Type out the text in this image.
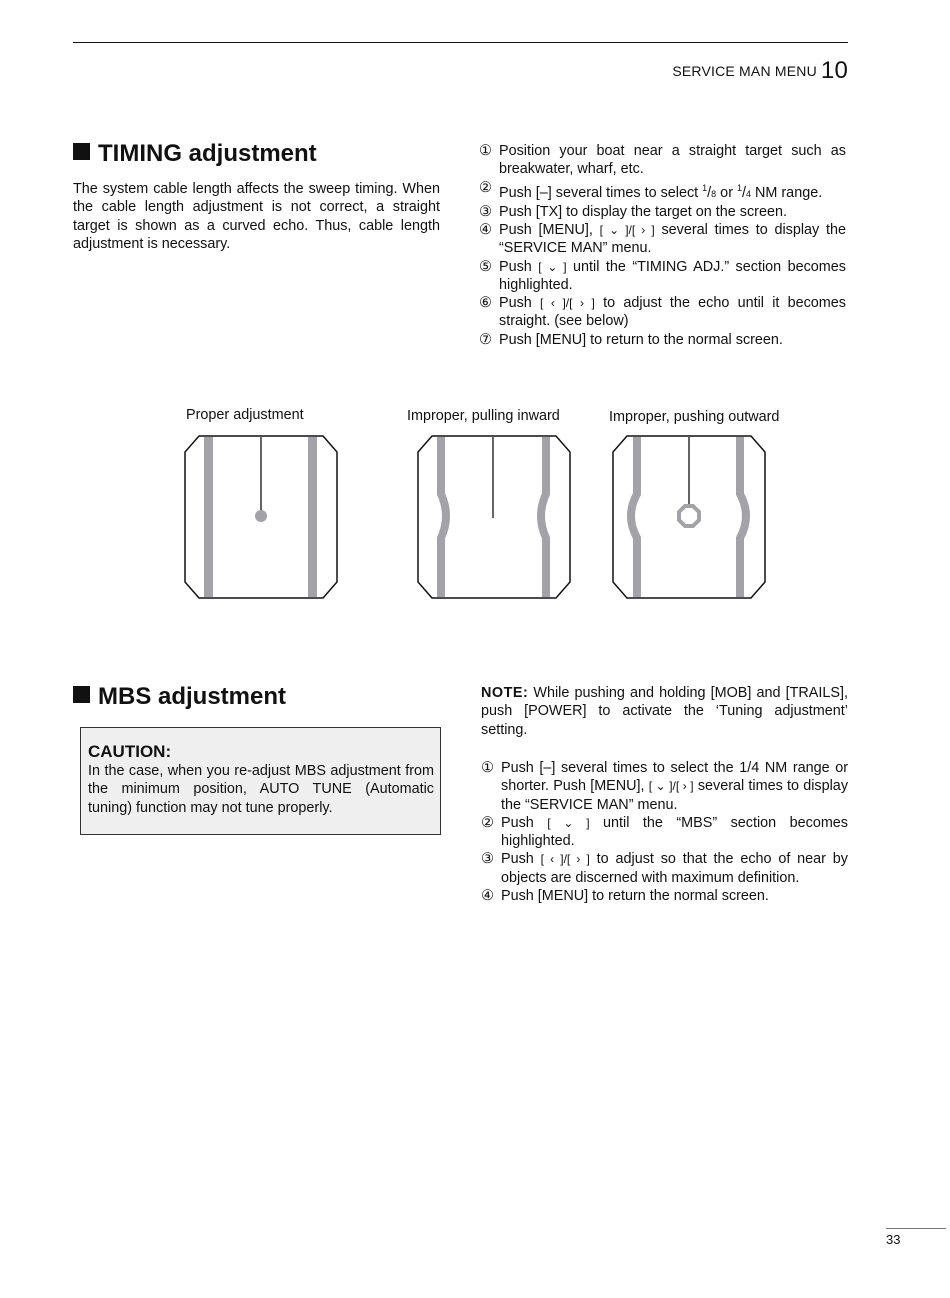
SERVICE MAN MENU 10
TIMING adjustment
The system cable length affects the sweep timing. When the cable length adjustment is not correct, a straight target is shown as a curved echo. Thus, cable length adjustment is necessary.
① Position your boat near a straight target such as breakwater, wharf, etc.
② Push [–] several times to select $^1$/8 or $^1$/4 NM range.
③ Push [TX] to display the target on the screen.
④ Push [MENU], [ ⌄ ]/[ › ] several times to display the “SERVICE MAN” menu.
⑤ Push [ ⌄ ] until the “TIMING ADJ.” section becomes highlighted.
⑥ Push [ ‹ ]/[ › ] to adjust the echo until it becomes straight. (see below)
⑦ Push [MENU] to return to the normal screen.
Proper adjustment	Improper, pulling inward	Improper, pushing outward
MBS adjustment
CAUTION:
In the case, when you re-adjust MBS adjustment from the minimum position, AUTO TUNE (Automatic tuning) function may not tune properly.
NOTE: While pushing and holding [MOB] and [TRAILS], push [POWER] to activate the ‘Tuning adjustment’ setting.
① Push [–] several times to select the 1/4 NM range or shorter. Push [MENU], [ ⌄ ]/[ › ] several times to display the “SERVICE MAN” menu.
② Push [ ⌄ ] until the “MBS” section becomes highlighted.
③ Push [ ‹ ]/[ › ] to adjust so that the echo of near by objects are discerned with maximum definition.
④ Push [MENU] to return the normal screen.
33
